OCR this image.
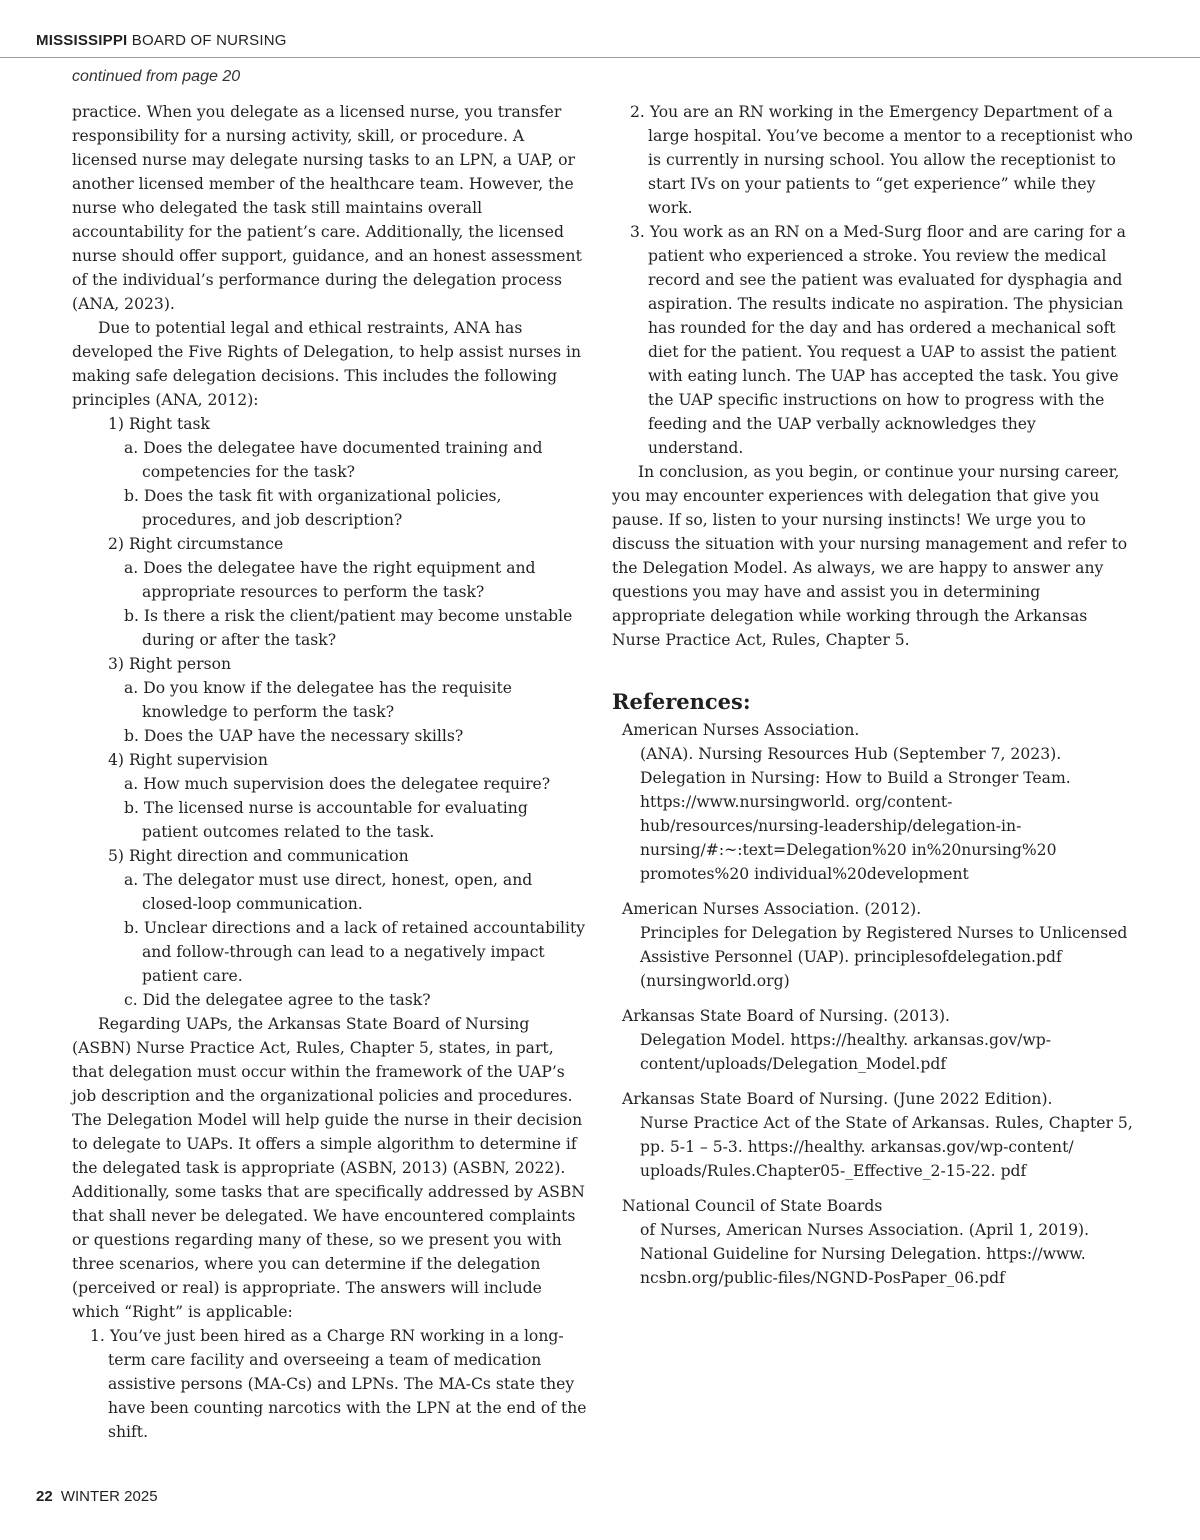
MISSISSIPPI BOARD OF NURSING
continued from page 20

practice. When you delegate as a licensed nurse, you transfer responsibility for a nursing activity, skill, or procedure. A licensed nurse may delegate nursing tasks to an LPN, a UAP, or another licensed member of the healthcare team. However, the nurse who delegated the task still maintains overall accountability for the patient’s care. Additionally, the licensed nurse should offer support, guidance, and an honest assessment of the individual’s performance during the delegation process (ANA, 2023).

Due to potential legal and ethical restraints, ANA has developed the Five Rights of Delegation, to help assist nurses in making safe delegation decisions. This includes the following principles (ANA, 2012):

1) Right task

a. Does the delegatee have documented training and competencies for the task?

b. Does the task fit with organizational policies, procedures, and job description?

2) Right circumstance

a. Does the delegatee have the right equipment and appropriate resources to perform the task?

b. Is there a risk the client/patient may become unstable during or after the task?

3) Right person

a. Do you know if the delegatee has the requisite knowledge to perform the task?

b. Does the UAP have the necessary skills?

4) Right supervision

a. How much supervision does the delegatee require?

b. The licensed nurse is accountable for evaluating patient outcomes related to the task.

5) Right direction and communication

a. The delegator must use direct, honest, open, and closed-loop communication.

b. Unclear directions and a lack of retained accountability and follow-through can lead to a negatively impact patient care.

c. Did the delegatee agree to the task?

Regarding UAPs, the Arkansas State Board of Nursing (ASBN) Nurse Practice Act, Rules, Chapter 5, states, in part, that delegation must occur within the framework of the UAP’s job description and the organizational policies and procedures. The Delegation Model will help guide the nurse in their decision to delegate to UAPs. It offers a simple algorithm to determine if the delegated task is appropriate (ASBN, 2013) (ASBN, 2022). Additionally, some tasks that are specifically addressed by ASBN that shall never be delegated. We have encountered complaints or questions regarding many of these, so we present you with three scenarios, where you can determine if the delegation (perceived or real) is appropriate. The answers will include which “Right” is applicable:

1. You’ve just been hired as a Charge RN working in a long-term care facility and overseeing a team of medication assistive persons (MA-Cs) and LPNs. The MA-Cs state they have been counting narcotics with the LPN at the end of the shift.

2. You are an RN working in the Emergency Department of a large hospital. You’ve become a mentor to a receptionist who is currently in nursing school. You allow the receptionist to start IVs on your patients to “get experience” while they work.

3. You work as an RN on a Med-Surg floor and are caring for a patient who experienced a stroke. You review the medical record and see the patient was evaluated for dysphagia and aspiration. The results indicate no aspiration. The physician has rounded for the day and has ordered a mechanical soft diet for the patient. You request a UAP to assist the patient with eating lunch. The UAP has accepted the task. You give the UAP specific instructions on how to progress with the feeding and the UAP verbally acknowledges they understand.

In conclusion, as you begin, or continue your nursing career, you may encounter experiences with delegation that give you pause. If so, listen to your nursing instincts! We urge you to discuss the situation with your nursing management and refer to the Delegation Model. As always, we are happy to answer any questions you may have and assist you in determining appropriate delegation while working through the Arkansas Nurse Practice Act, Rules, Chapter 5.

References:

American Nurses Association.

(ANA). Nursing Resources Hub (September 7, 2023). Delegation in Nursing: How to Build a Stronger Team. https://www.nursingworld. org/content-hub/resources/nursing-leadership/delegation-in-nursing/#:~:text=Delegation%20 in%20nursing%20 promotes%20 individual%20development

American Nurses Association. (2012).

Principles for Delegation by Registered Nurses to Unlicensed Assistive Personnel (UAP). principlesofdelegation.pdf (nursingworld.org)

Arkansas State Board of Nursing. (2013).

Delegation Model. https://healthy. arkansas.gov/wp-content/uploads/Delegation_Model.pdf

Arkansas State Board of Nursing. (June 2022 Edition).

Nurse Practice Act of the State of Arkansas. Rules, Chapter 5, pp. 5-1 – 5-3. https://healthy. arkansas.gov/wp-content/ uploads/Rules.Chapter05-_Effective_2-15-22. pdf

National Council of State Boards

of Nurses, American Nurses Association. (April 1, 2019). National Guideline for Nursing Delegation. https://www. ncsbn.org/public-files/NGND-PosPaper_06.pdf

22 WINTER 2025
